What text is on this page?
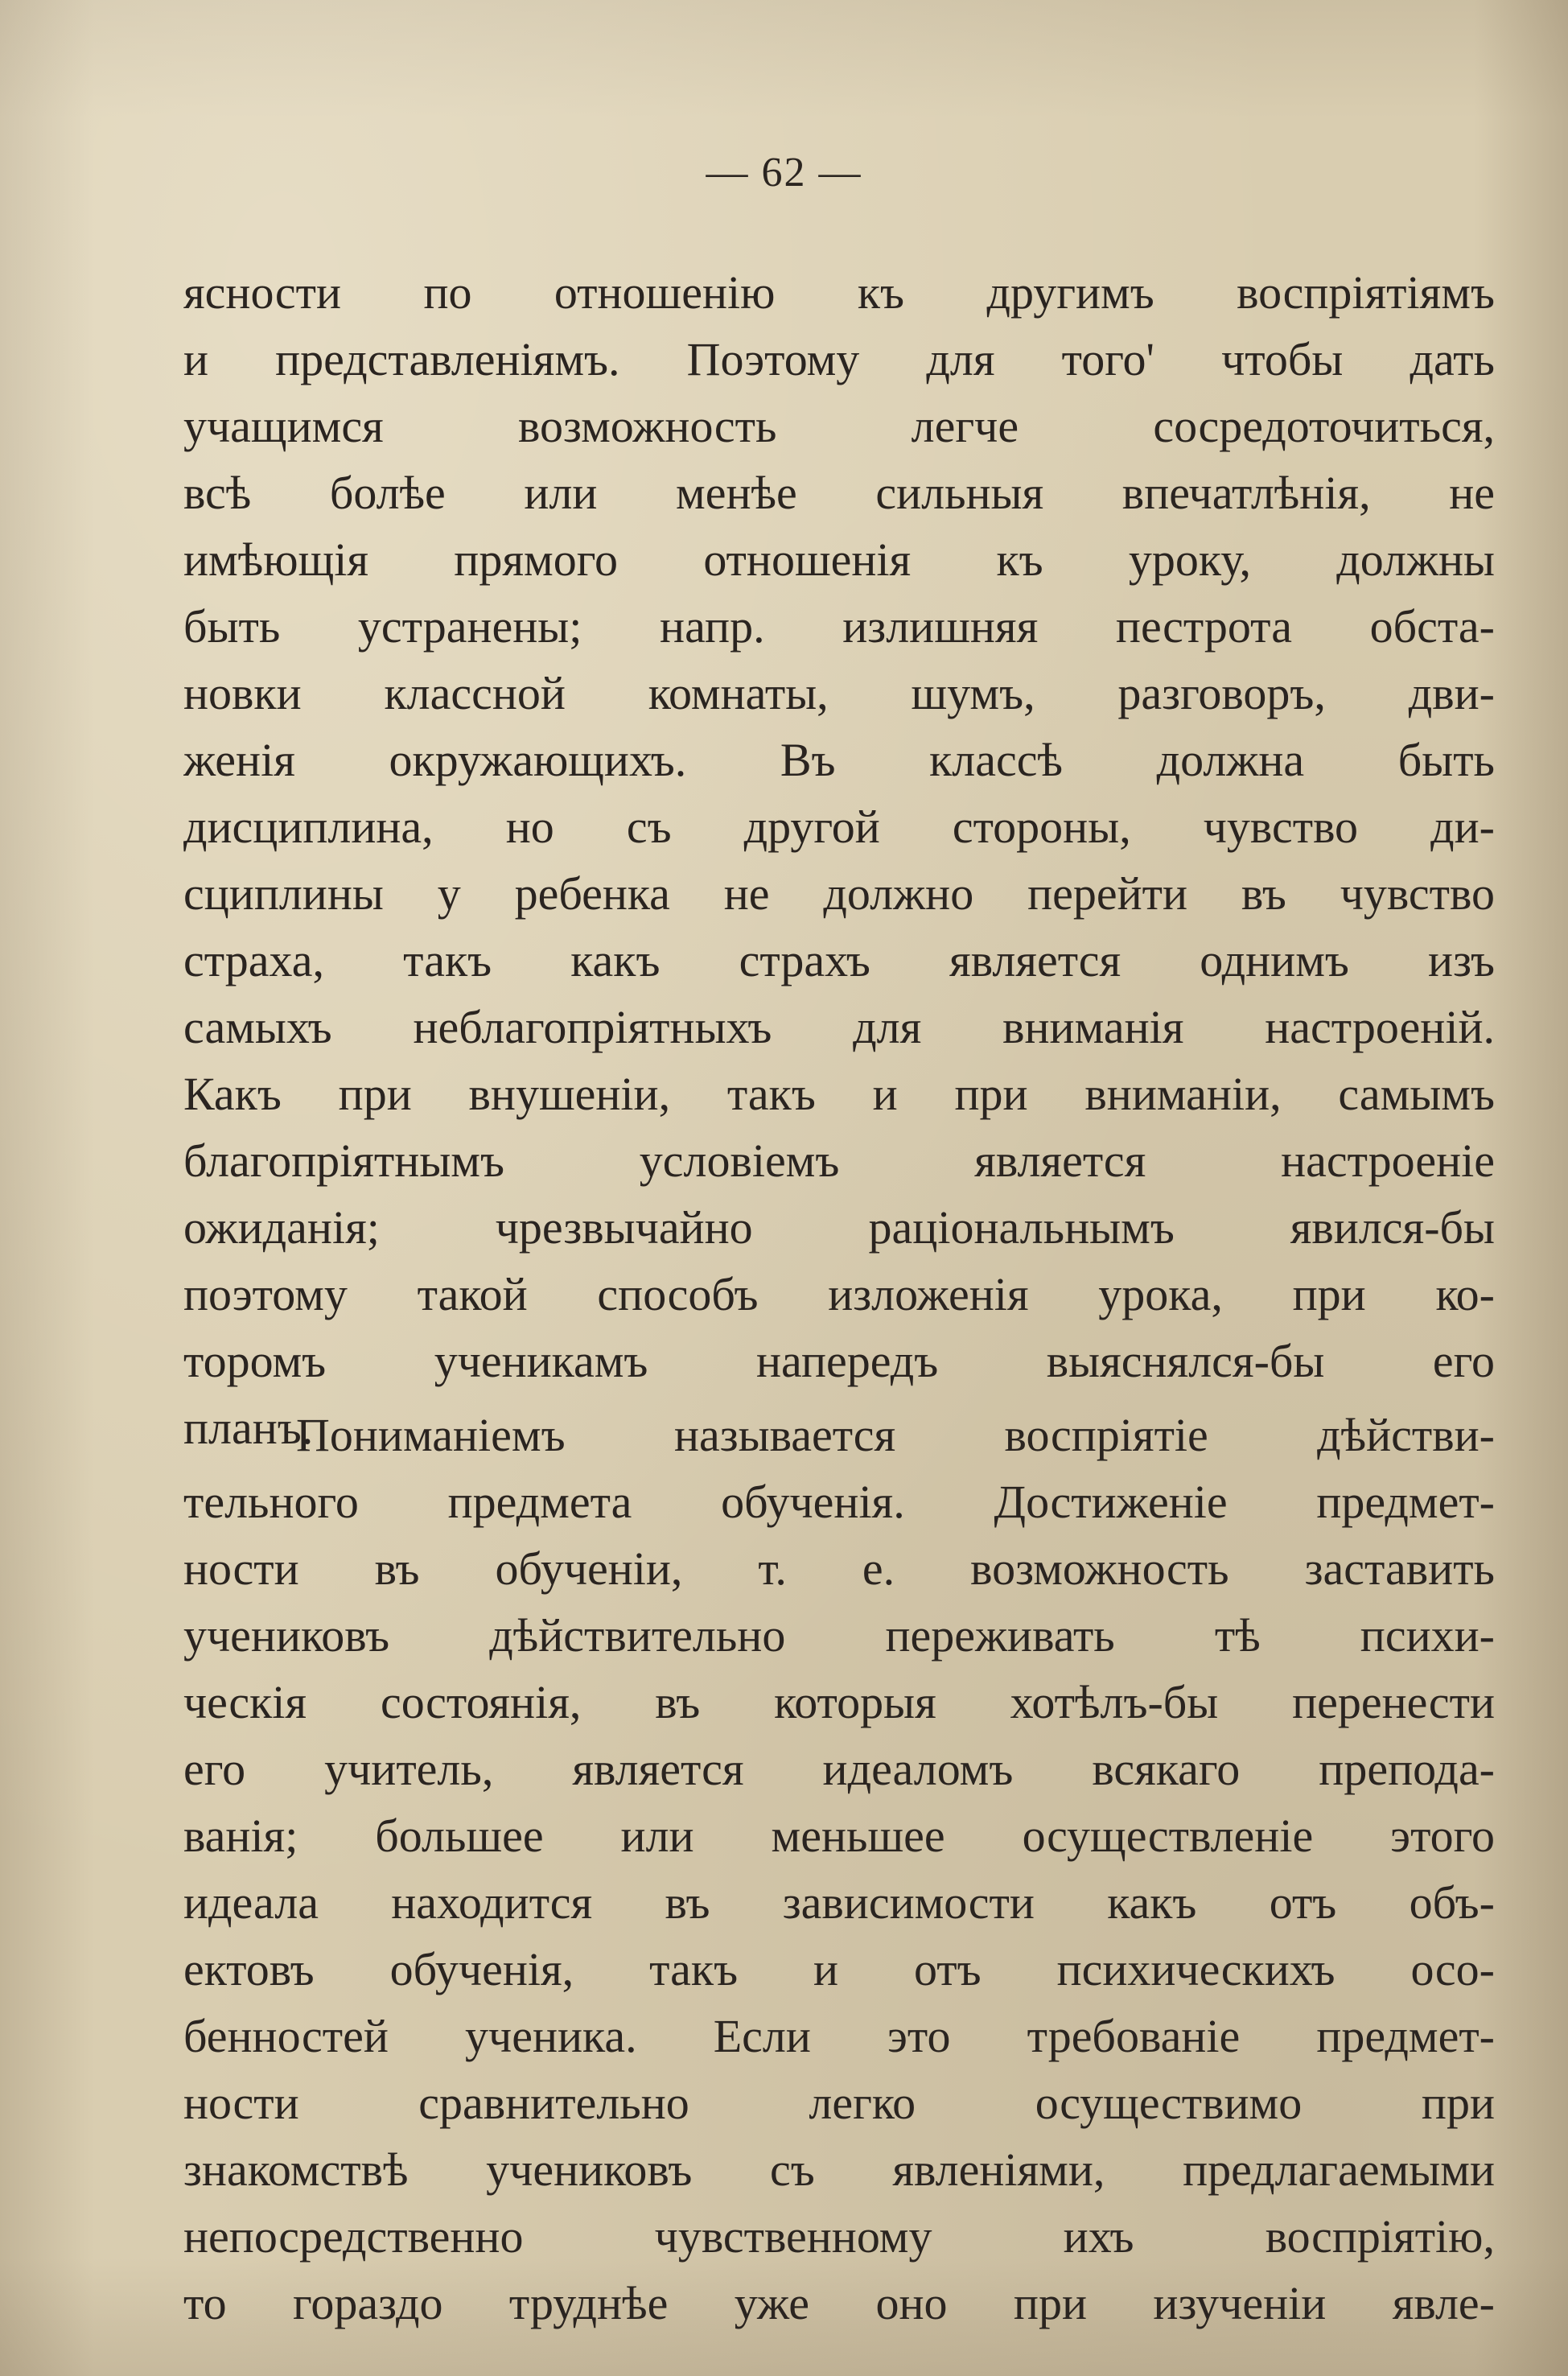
— 62 —
ясности по отношенію къ другимъ воспріятіямъ
и представленіямъ. Поэтому для того' чтобы дать
учащимся возможность легче сосредоточиться,
всѣ болѣе или менѣе сильныя впечатлѣнія, не
имѣющія прямого отношенія къ уроку, должны
быть устранены; напр. излишняя пестрота обста-
новки классной комнаты, шумъ, разговоръ, дви-
женія окружающихъ. Въ классѣ должна быть
дисциплина, но съ другой стороны, чувство ди-
сциплины у ребенка не должно перейти въ чувство
страха, такъ какъ страхъ является однимъ изъ
самыхъ неблагопріятныхъ для вниманія настроеній.
Какъ при внушеніи, такъ и при вниманіи, самымъ
благопріятнымъ условіемъ является настроеніе
ожиданія; чрезвычайно раціональнымъ явился-бы
поэтому такой способъ изложенія урока, при ко-
торомъ ученикамъ напередъ выяснялся-бы его
планъ.
Пониманіемъ называется воспріятіе дѣйстви-
тельного предмета обученія. Достиженіе предмет-
ности въ обученіи, т. е. возможность заставить
учениковъ дѣйствительно переживать тѣ психи-
ческія состоянія, въ которыя хотѣлъ-бы перенести
его учитель, является идеаломъ всякаго препода-
ванія; большее или меньшее осуществленіе этого
идеала находится въ зависимости какъ отъ объ-
ектовъ обученія, такъ и отъ психическихъ осо-
бенностей ученика. Если это требованіе предмет-
ности сравнительно легко осуществимо при
знакомствѣ учениковъ съ явленіями, предлагаемыми
непосредственно чувственному ихъ воспріятію,
то гораздо труднѣе уже оно при изученіи явле-
